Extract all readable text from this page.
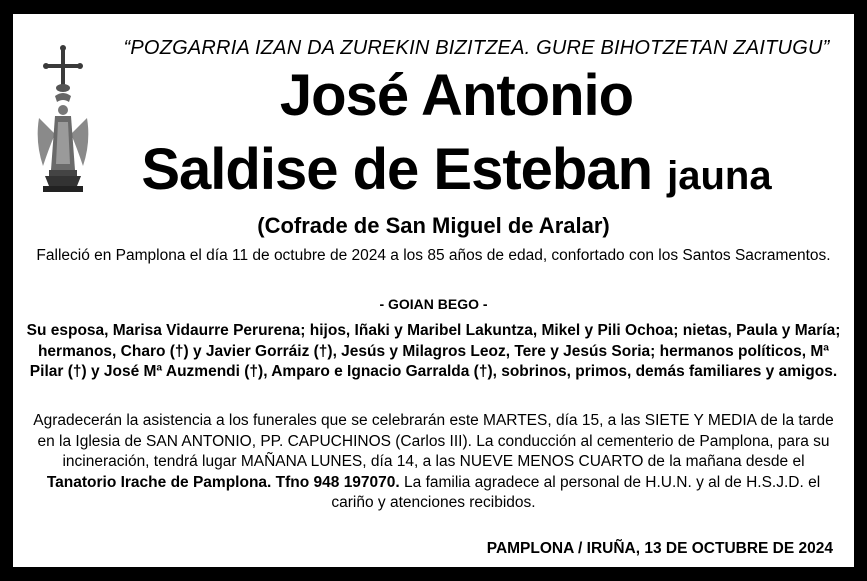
“POZGARRIA IZAN DA ZUREKIN BIZITZEA. GURE BIHOTZETAN ZAITUGU”
José Antonio
Saldise de Esteban jauna
(Cofrade de San Miguel de Aralar)
Falleció en Pamplona el día 11 de octubre de 2024 a los 85 años de edad, confortado con los Santos Sacramentos.
- GOIAN BEGO -
Su esposa, Marisa Vidaurre Perurena; hijos, Iñaki y Maribel Lakuntza, Mikel y Pili Ochoa; nietas, Paula y María; hermanos, Charo (†) y Javier Gorráiz (†), Jesús y Milagros Leoz, Tere y Jesús Soria; hermanos políticos, Mª Pilar (†) y José Mª Auzmendi (†), Amparo e Ignacio Garralda (†), sobrinos, primos, demás familiares y amigos.
Agradecerán la asistencia a los funerales que se celebrarán este MARTES, día 15, a las SIETE Y MEDIA de la tarde en la Iglesia de SAN ANTONIO, PP. CAPUCHINOS (Carlos III). La conducción al cementerio de Pamplona, para su incineración, tendrá lugar MAÑANA LUNES, día 14, a las NUEVE MENOS CUARTO de la mañana desde el Tanatorio Irache de Pamplona. Tfno 948 197070. La familia agradece al personal de H.U.N. y al de H.S.J.D. el cariño y atenciones recibidos.
PAMPLONA / IRUÑA, 13 DE OCTUBRE DE 2024
